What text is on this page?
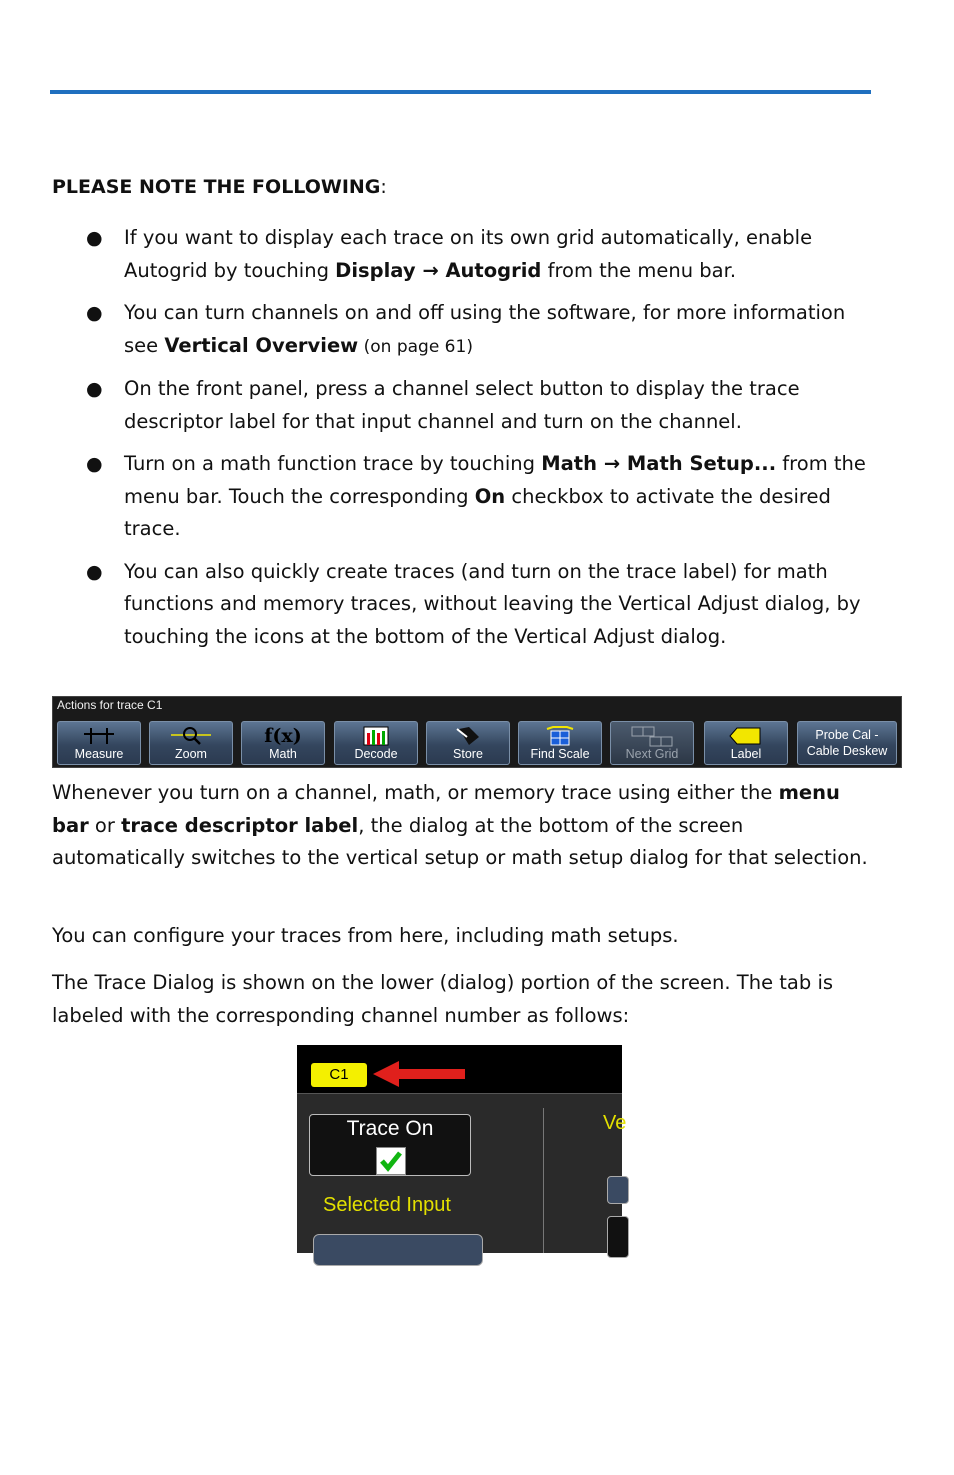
PLEASE NOTE THE FOLLOWING:
● If you want to display each trace on its own grid automatically, enable Autogrid by touching Display → Autogrid from the menu bar.
● You can turn channels on and off using the software, for more information see Vertical Overview (on page 61)
● On the front panel, press a channel select button to display the trace descriptor label for that input channel and turn on the channel.
● Turn on a math function trace by touching Math → Math Setup... from the menu bar. Touch the corresponding On checkbox to activate the desired trace.
● You can also quickly create traces (and turn on the trace label) for math functions and memory traces, without leaving the Vertical Adjust dialog, by touching the icons at the bottom of the Vertical Adjust dialog.
Actions for trace C1
Measure	Zoom
f(x)
Math	Decode	Store	Find Scale	Next Grid	Label
Probe Cal -
Cable Deskew
Whenever you turn on a channel, math, or memory trace using either the menu bar or trace descriptor label, the dialog at the bottom of the screen automatically switches to the vertical setup or math setup dialog for that selection.
You can configure your traces from here, including math setups.
The Trace Dialog is shown on the lower (dialog) portion of the screen. The tab is labeled with the corresponding channel number as follows:
C1
Trace On
Selected Input
Ve
